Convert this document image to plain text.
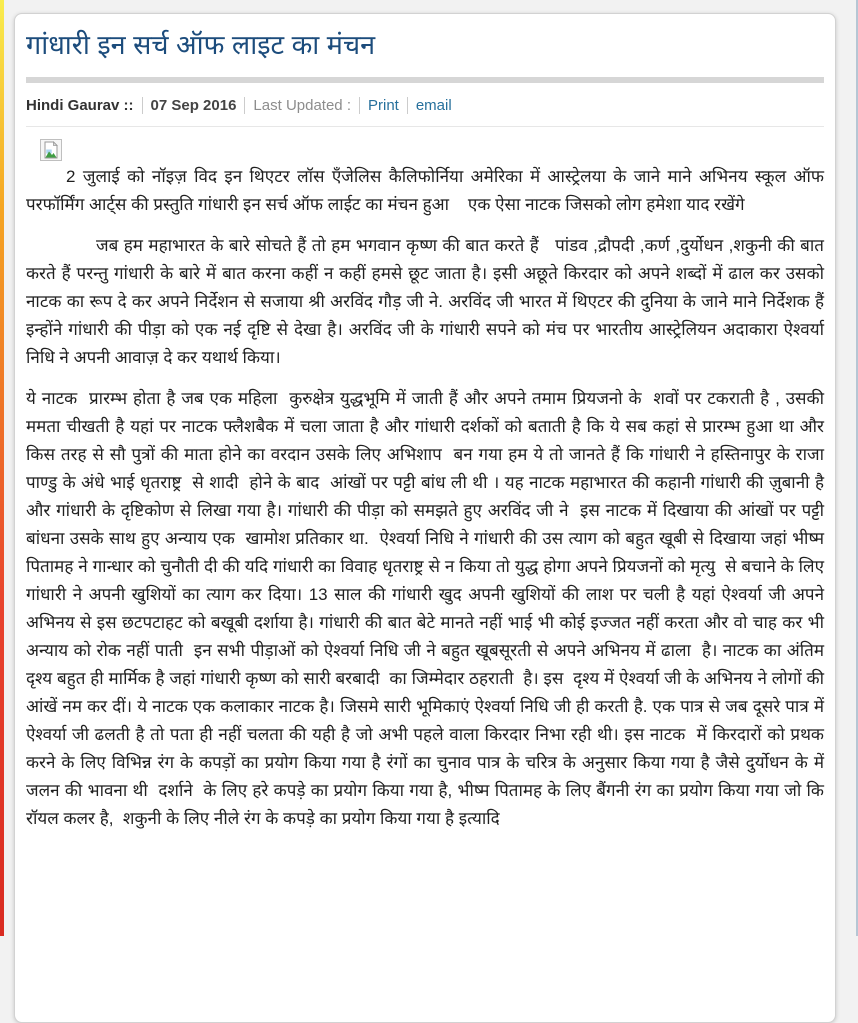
गांधारी इन सर्च ऑफ लाइट का मंचन
Hindi Gaurav :: 07 Sep 2016 Last Updated : Print email

2 जुलाई को नॉइज़ विद इन थिएटर लॉस एँजेलिस कैलिफोर्निया अमेरिका में आस्ट्रेलया के जाने माने अभिनय स्कूल ऑफ परफॉर्मिंग आर्ट्स की प्रस्तुति गांधारी इन सर्च ऑफ लाईट का मंचन हुआ    एक ऐसा नाटक जिसको लोग हमेशा याद रखेंगे

जब हम महाभारत के बारे सोचते हैं तो हम भगवान कृष्ण की बात करते हैं   पांडव ,द्रौपदी ,कर्ण ,दुर्योधन ,शकुनी की बात करते हैं परन्तु गांधारी के बारे में बात करना कहीं न कहीं हमसे छूट जाता है। इसी अछूते किरदार को अपने शब्दों में ढाल कर उसको नाटक का रूप दे कर अपने निर्देशन से सजाया श्री अरविंद गौड़ जी ने. अरविंद जी भारत में थिएटर की दुनिया के जाने माने निर्देशक हैं इन्होंने गांधारी की पीड़ा को एक नई दृष्टि से देखा है। अरविंद जी के गांधारी सपने को मंच पर भारतीय आस्ट्रेलियन अदाकारा ऐश्वर्या निधि ने अपनी आवाज़ दे कर यथार्थ किया।

ये नाटक  प्रारम्भ होता है जब एक महिला  कुरुक्षेत्र युद्धभूमि में जाती हैं और अपने तमाम प्रियजनो के  शवों पर टकराती है , उसकी ममता चीखती है यहां पर नाटक फ्लैशबैक में चला जाता है और गांधारी दर्शकों को बताती है कि ये सब कहां से प्रारम्भ हुआ था और  किस तरह से सौ पुत्रों की माता होने का वरदान उसके लिए अभिशाप  बन गया हम ये तो जानते हैं कि गांधारी ने हस्तिनापुर के राजा पाण्डु के अंधे भाई धृतराष्ट्र  से शादी  होने के बाद  आंखों पर पट्टी बांध ली थी । यह नाटक महाभारत की कहानी गांधारी की ज़ुबानी है और गांधारी के दृष्टिकोण से लिखा गया है। गांधारी की पीड़ा को समझते हुए अरविंद जी ने  इस नाटक में दिखाया की आंखों पर पट्टी बांधना उसके साथ हुए अन्याय एक  खामोश प्रतिकार था.  ऐश्वर्या निधि ने गांधारी की उस त्याग को बहुत खूबी से दिखाया जहां भीष्म पितामह ने गान्धार को चुनौती दी की यदि गांधारी का विवाह धृतराष्ट्र से न किया तो युद्ध होगा अपने प्रियजनों को मृत्यु  से बचाने के लिए गांधारी ने अपनी खुशियों का त्याग कर दिया। 13 साल की गांधारी खुद अपनी खुशियों की लाश पर चली है यहां ऐश्वर्या जी अपने अभिनय से इस छटपटाहट को बखूबी दर्शाया है। गांधारी की बात बेटे मानते नहीं भाई भी कोई इज्जत नहीं करता और वो चाह कर भी अन्याय को रोक नहीं पाती  इन सभी पीड़ाओं को ऐश्वर्या निधि जी ने बहुत खूबसूरती से अपने अभिनय में ढाला  है। नाटक का अंतिम दृश्य बहुत ही मार्मिक है जहां गांधारी कृष्ण को सारी बरबादी  का जिम्मेदार ठहराती  है। इस  दृश्य में ऐश्वर्या जी के अभिनय ने लोगों की आंखें नम कर दीं। ये नाटक एक कलाकार नाटक है। जिसमे सारी भूमिकाएं ऐश्वर्या निधि जी ही करती है. एक पात्र से जब दूसरे पात्र में ऐश्वर्या जी ढलती है तो पता ही नहीं चलता की यही है जो अभी पहले वाला किरदार निभा रही थी। इस नाटक  में किरदारों को प्रथक करने के लिए विभिन्न रंग के कपड़ों का प्रयोग किया गया है रंगों का चुनाव पात्र के चरित्र के अनुसार किया गया है जैसे दुर्योधन के में जलन की भावना थी  दर्शाने  के लिए हरे कपड़े का प्रयोग किया गया है, भीष्म पितामह के लिए बैंगनी रंग का प्रयोग किया गया जो कि रॉयल कलर है,  शकुनी के लिए नीले रंग के कपड़े का प्रयोग किया गया है इत्यादि
